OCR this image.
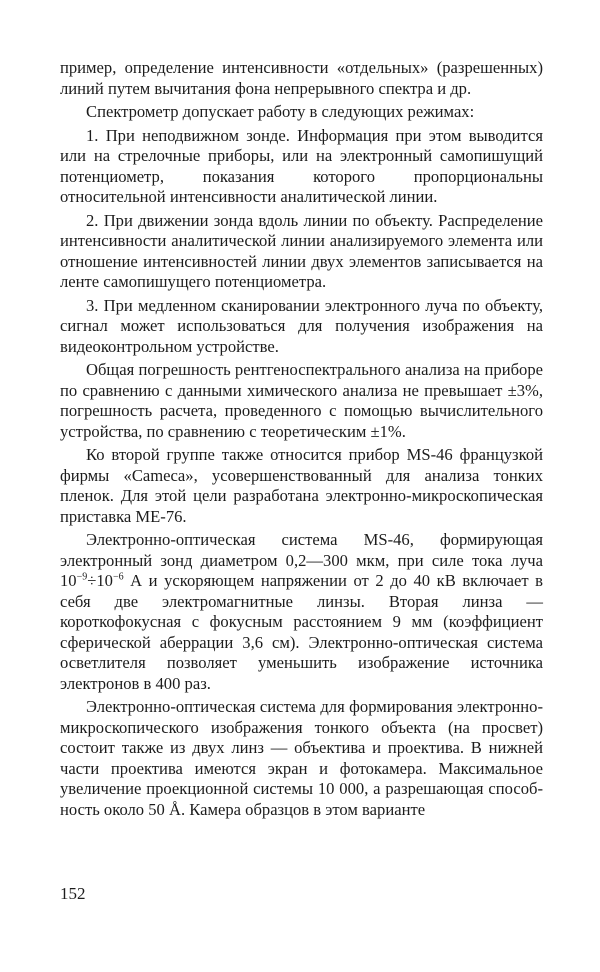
пример, определение интенсивности «отдельных» (разрешенных) линий путем вычитания фона непрерывного спектра и др.

Спектрометр допускает работу в следующих режимах:

1. При неподвижном зонде. Информация при этом выводится или на стрелочные приборы, или на электронный самопишущий потенциометр, показания которого пропорциональны относительной интенсивности аналитической линии.

2. При движении зонда вдоль линии по объекту. Распределение интенсивности аналитической линии анализируемого элемента или отношение интенсивностей линии двух элементов записывается на ленте самопишущего потенциометра.

3. При медленном сканировании электронного луча по объекту, сигнал может использоваться для получения изображения на видеоконтрольном устройстве.

Общая погрешность рентгеноспектрального анализа на приборе по сравнению с данными химического анализа не превышает ±3%, погрешность расчета, проведенного с помощью вычислительного устройства, по сравнению с теоретическим ±1%.

Ко второй группе также относится прибор MS-46 французкой фирмы «Cameca», усовершенствованный для анализа тонких пленок. Для этой цели разработана электронно-микроскопическая приставка ME-76.

Электронно-оптическая система MS-46, формирующая электронный зонд диаметром 0,2—300 мкм, при силе тока луча $10^{-9}\div 10^{-6}$ А и ускоряющем напряжении от 2 до 40 кВ включает в себя две электромагнитные линзы. Вторая линза — короткофокусная с фокусным расстоянием 9 мм (коэффициент сферической аберрации 3,6 см). Электронно-оптическая система осветлителя позволяет уменьшить изображение источника электронов в 400 раз.

Электронно-оптическая система для формирования электронно-микроскопического изображения тонкого объекта (на просвет) состоит также из двух линз — объектива и проектива. В нижней части проектива имеются экран и фотокамера. Максимальное увеличение проекционной системы 10 000, а разрешающая способность около 50 Å. Камера образцов в этом варианте

152
